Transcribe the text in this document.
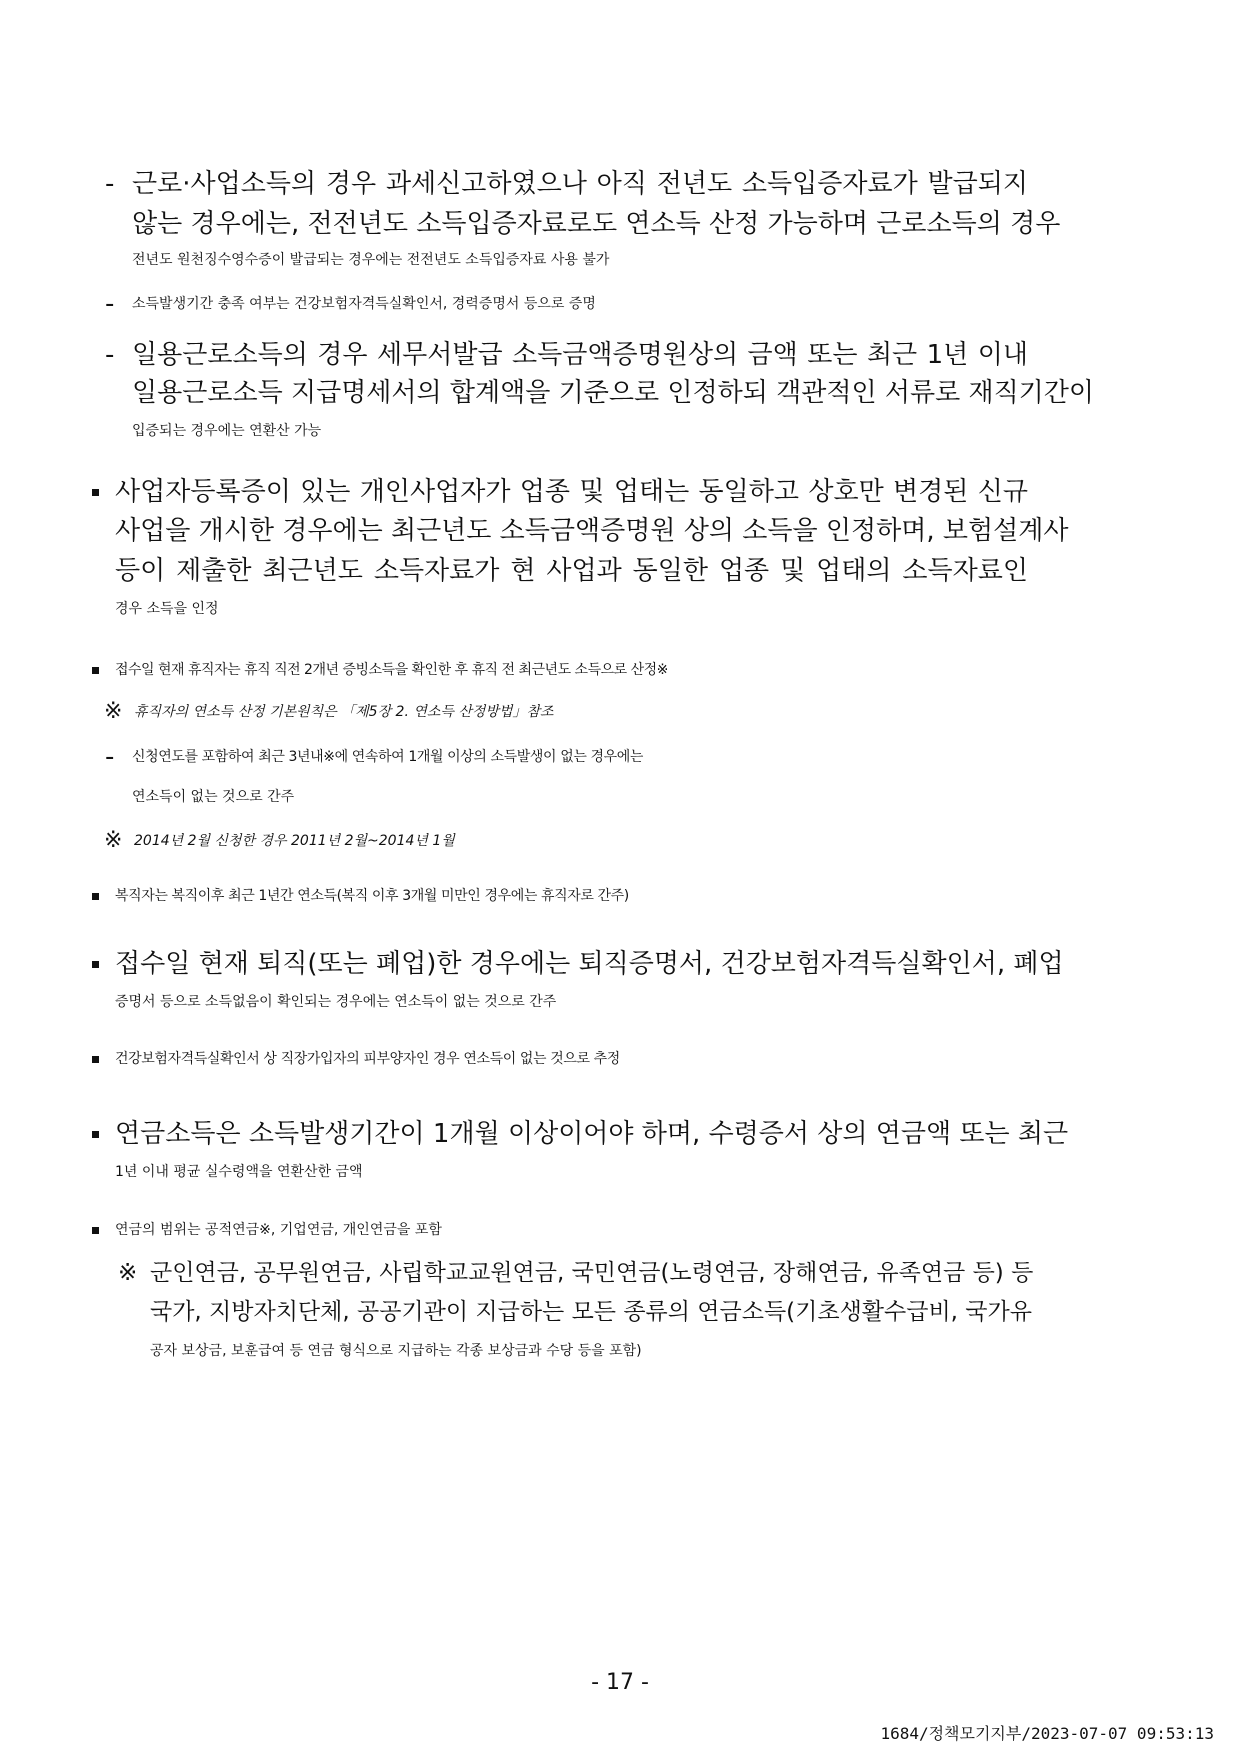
- 근로·사업소득의 경우 과세신고하였으나 아직 전년도 소득입증자료가 발급되지
않는 경우에는, 전전년도 소득입증자료로도 연소득 산정 가능하며 근로소득의 경우
전년도 원천징수영수증이 발급되는 경우에는 전전년도 소득입증자료 사용 불가
- 소득발생기간 충족 여부는 건강보험자격득실확인서, 경력증명서 등으로 증명
- 일용근로소득의 경우 세무서발급 소득금액증명원상의 금액 또는 최근 1년 이내
일용근로소득 지급명세서의 합계액을 기준으로 인정하되 객관적인 서류로 재직기간이
입증되는 경우에는 연환산 가능
사업자등록증이 있는 개인사업자가 업종 및 업태는 동일하고 상호만 변경된 신규
사업을 개시한 경우에는 최근년도 소득금액증명원 상의 소득을 인정하며, 보험설계사
등이 제출한 최근년도 소득자료가 현 사업과 동일한 업종 및 업태의 소득자료인
경우 소득을 인정
접수일 현재 휴직자는 휴직 직전 2개년 증빙소득을 확인한 후 휴직 전 최근년도 소득으로 산정※
※ 휴직자의 연소득 산정 기본원칙은 「제5장 2. 연소득 산정방법」참조
- 신청연도를 포함하여 최근 3년내※에 연속하여 1개월 이상의 소득발생이 없는 경우에는
연소득이 없는 것으로 간주
※ 2014년 2월 신청한 경우 2011년 2월~2014년 1월
복직자는 복직이후 최근 1년간 연소득(복직 이후 3개월 미만인 경우에는 휴직자로 간주)
접수일 현재 퇴직(또는 폐업)한 경우에는 퇴직증명서, 건강보험자격득실확인서, 폐업
증명서 등으로 소득없음이 확인되는 경우에는 연소득이 없는 것으로 간주
건강보험자격득실확인서 상 직장가입자의 피부양자인 경우 연소득이 없는 것으로 추정
연금소득은 소득발생기간이 1개월 이상이어야 하며, 수령증서 상의 연금액 또는 최근
1년 이내 평균 실수령액을 연환산한 금액
연금의 범위는 공적연금※, 기업연금, 개인연금을 포함
※ 군인연금, 공무원연금, 사립학교교원연금, 국민연금(노령연금, 장해연금, 유족연금 등) 등
국가, 지방자치단체, 공공기관이 지급하는 모든 종류의 연금소득(기초생활수급비, 국가유
공자 보상금, 보훈급여 등 연금 형식으로 지급하는 각종 보상금과 수당 등을 포함)
- 17 -
1684/정책모기지부/2023-07-07 09:53:13
